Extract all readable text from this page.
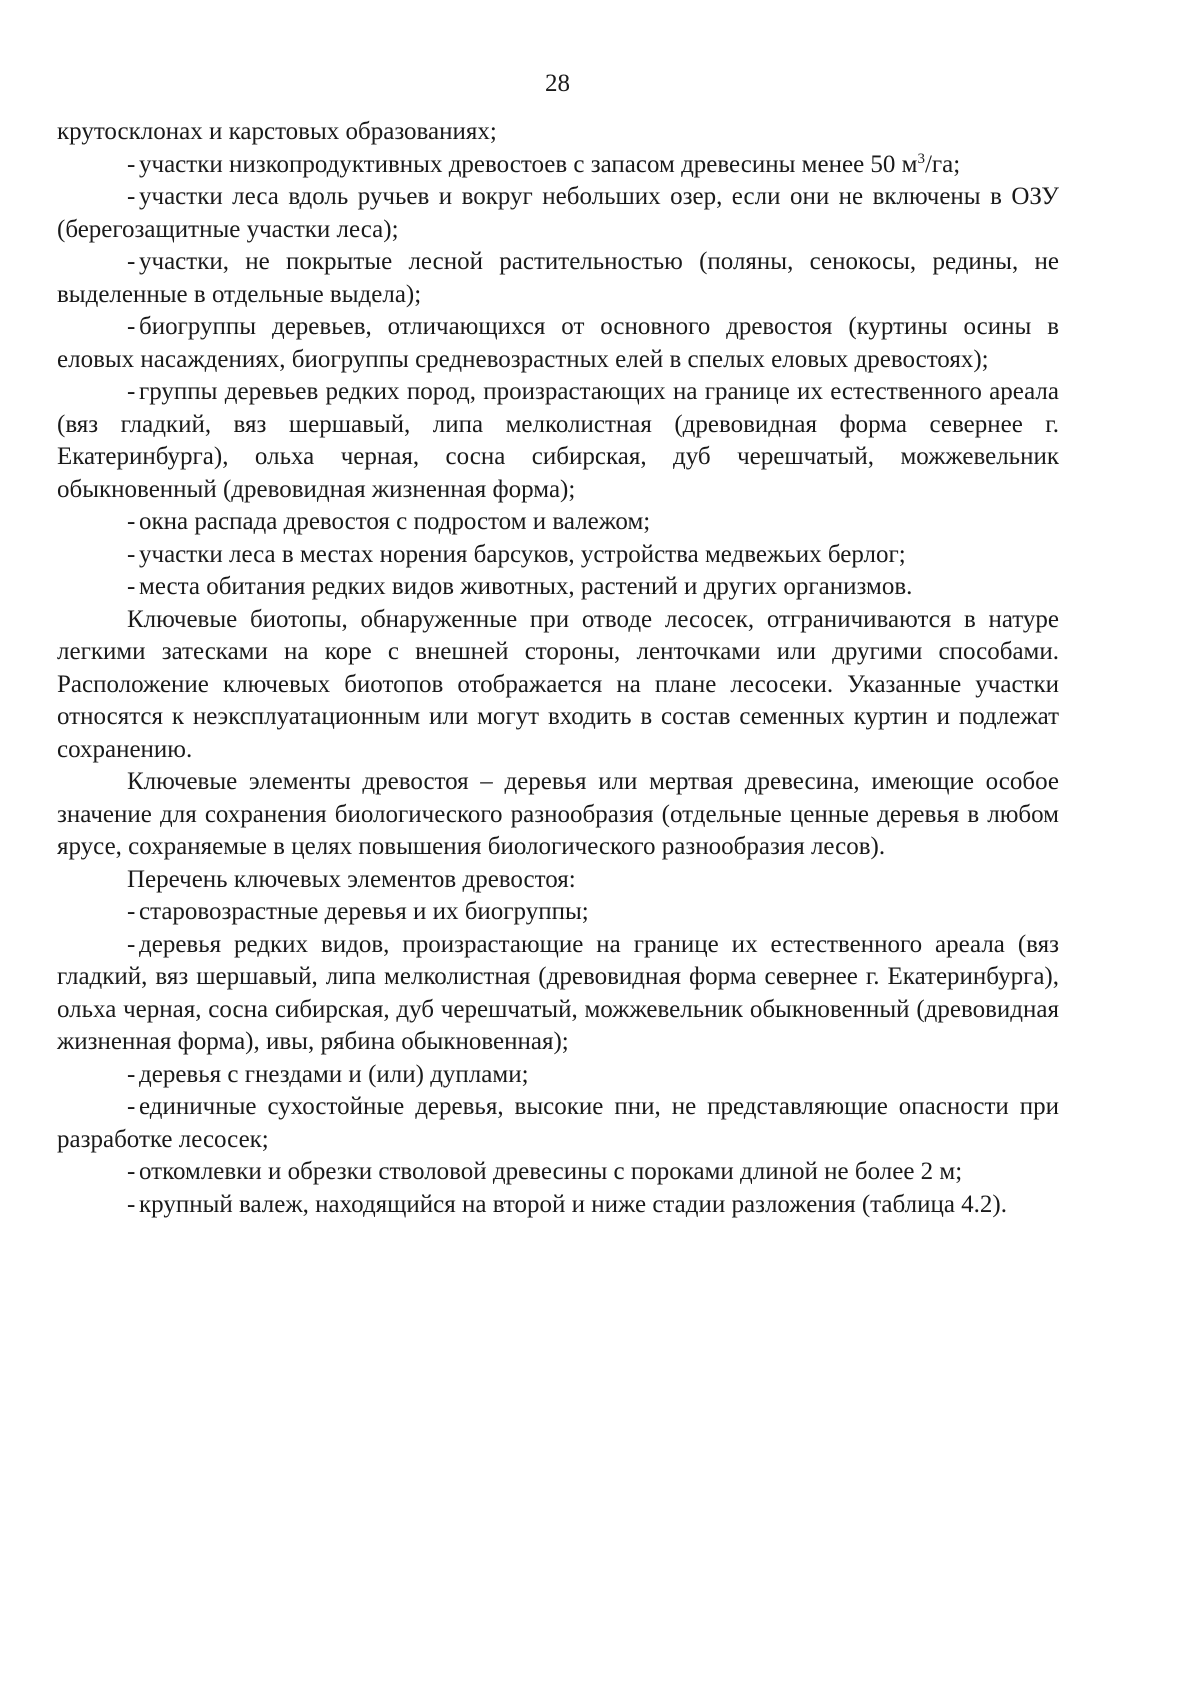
28

крутосклонах и карстовых образованиях;

- участки низкопродуктивных древостоев с запасом древесины менее 50 $м^3/га$;

- участки леса вдоль ручьев и вокруг небольших озер, если они не включены в ОЗУ (берегозащитные участки леса);

- участки, не покрытые лесной растительностью (поляны, сенокосы, редины, не выделенные в отдельные выдела);

- биогруппы деревьев, отличающихся от основного древостоя (куртины осины в еловых насаждениях, биогруппы средневозрастных елей в спелых еловых древостоях);

- группы деревьев редких пород, произрастающих на границе их естественного ареала (вяз гладкий, вяз шершавый, липа мелколистная (древовидная форма севернее г. Екатеринбурга), ольха черная, сосна сибирская, дуб черешчатый, можжевельник обыкновенный (древовидная жизненная форма);

- окна распада древостоя с подростом и валежом;

- участки леса в местах норения барсуков, устройства медвежьих берлог;

- места обитания редких видов животных, растений и других организмов.

Ключевые биотопы, обнаруженные при отводе лесосек, отграничиваются в натуре легкими затесками на коре с внешней стороны, ленточками или другими способами. Расположение ключевых биотопов отображается на плане лесосеки. Указанные участки относятся к неэксплуатационным или могут входить в состав семенных куртин и подлежат сохранению.

Ключевые элементы древостоя – деревья или мертвая древесина, имеющие особое значение для сохранения биологического разнообразия (отдельные ценные деревья в любом ярусе, сохраняемые в целях повышения биологического разнообразия лесов).

Перечень ключевых элементов древостоя:

- старовозрастные деревья и их биогруппы;

- деревья редких видов, произрастающие на границе их естественного ареала (вяз гладкий, вяз шершавый, липа мелколистная (древовидная форма севернее г. Екатеринбурга), ольха черная, сосна сибирская, дуб черешчатый, можжевельник обыкновенный (древовидная жизненная форма), ивы, рябина обыкновенная);

- деревья с гнездами и (или) дуплами;

- единичные сухостойные деревья, высокие пни, не представляющие опасности при разработке лесосек;

- откомлевки и обрезки стволовой древесины с пороками длиной не более 2 м;

- крупный валеж, находящийся на второй и ниже стадии разложения (таблица 4.2).
